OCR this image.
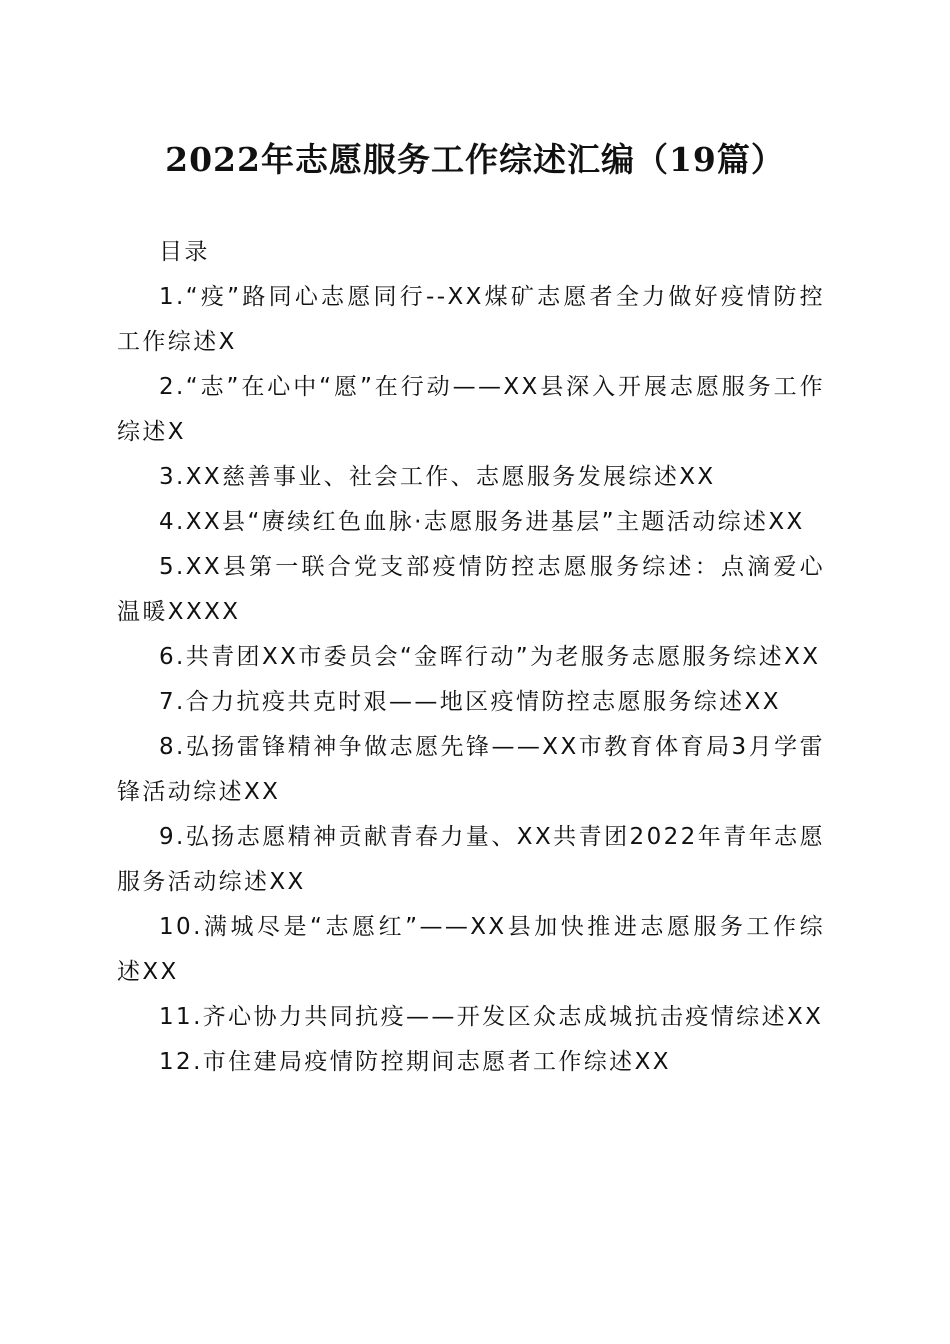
2022年志愿服务工作综述汇编（19篇）

目录

1.“疫”路同心志愿同行--XX煤矿志愿者全力做好疫情防控工作综述X

2.“志”在心中“愿”在行动——XX县深入开展志愿服务工作综述X

3.XX慈善事业、社会工作、志愿服务发展综述XX

4.XX县“赓续红色血脉·志愿服务进基层”主题活动综述XX

5.XX县第一联合党支部疫情防控志愿服务综述：点滴爱心温暖XXXX

6.共青团XX市委员会“金晖行动”为老服务志愿服务综述XX

7.合力抗疫共克时艰——地区疫情防控志愿服务综述XX

8.弘扬雷锋精神争做志愿先锋——XX市教育体育局3月学雷锋活动综述XX

9.弘扬志愿精神贡献青春力量、XX共青团2022年青年志愿服务活动综述XX

10.满城尽是“志愿红”——XX县加快推进志愿服务工作综述XX

11.齐心协力共同抗疫——开发区众志成城抗击疫情综述XX

12.市住建局疫情防控期间志愿者工作综述XX
